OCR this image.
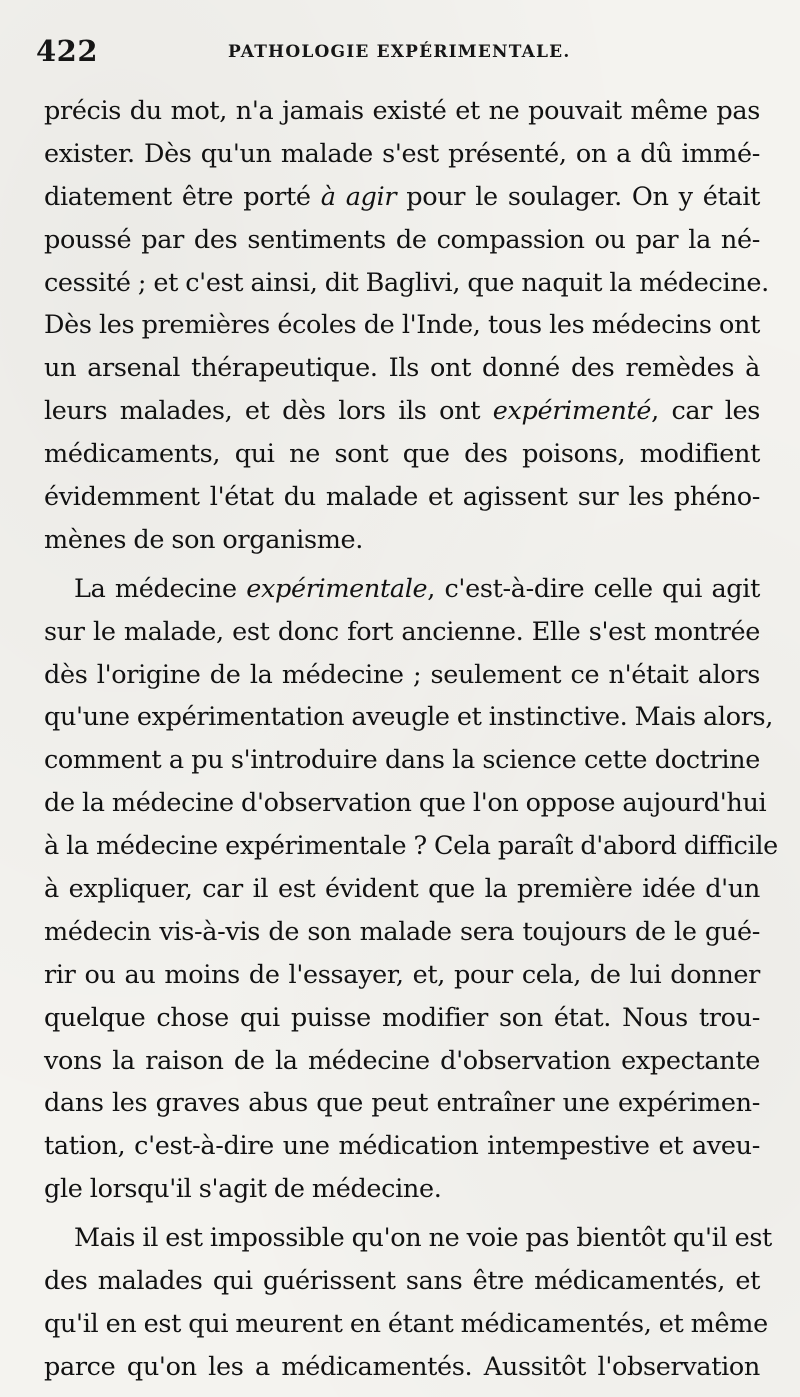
422	PATHOLOGIE EXPÉRIMENTALE.
précis du mot, n'a jamais existé et ne pouvait même pas
exister. Dès qu'un malade s'est présenté, on a dû immé-
diatement être porté à agir pour le soulager. On y était
poussé par des sentiments de compassion ou par la né-
cessité ; et c'est ainsi, dit Baglivi, que naquit la médecine.
Dès les premières écoles de l'Inde, tous les médecins ont
un arsenal thérapeutique. Ils ont donné des remèdes à
leurs malades, et dès lors ils ont expérimenté, car les
médicaments, qui ne sont que des poisons, modifient
évidemment l'état du malade et agissent sur les phéno-
mènes de son organisme.
La médecine expérimentale, c'est-à-dire celle qui agit
sur le malade, est donc fort ancienne. Elle s'est montrée
dès l'origine de la médecine ; seulement ce n'était alors
qu'une expérimentation aveugle et instinctive. Mais alors,
comment a pu s'introduire dans la science cette doctrine
de la médecine d'observation que l'on oppose aujourd'hui
à la médecine expérimentale ? Cela paraît d'abord difficile
à expliquer, car il est évident que la première idée d'un
médecin vis-à-vis de son malade sera toujours de le gué-
rir ou au moins de l'essayer, et, pour cela, de lui donner
quelque chose qui puisse modifier son état. Nous trou-
vons la raison de la médecine d'observation expectante
dans les graves abus que peut entraîner une expérimen-
tation, c'est-à-dire une médication intempestive et aveu-
gle lorsqu'il s'agit de médecine.
Mais il est impossible qu'on ne voie pas bientôt qu'il est
des malades qui guérissent sans être médicamentés, et
qu'il en est qui meurent en étant médicamentés, et même
parce qu'on les a médicamentés. Aussitôt l'observation
